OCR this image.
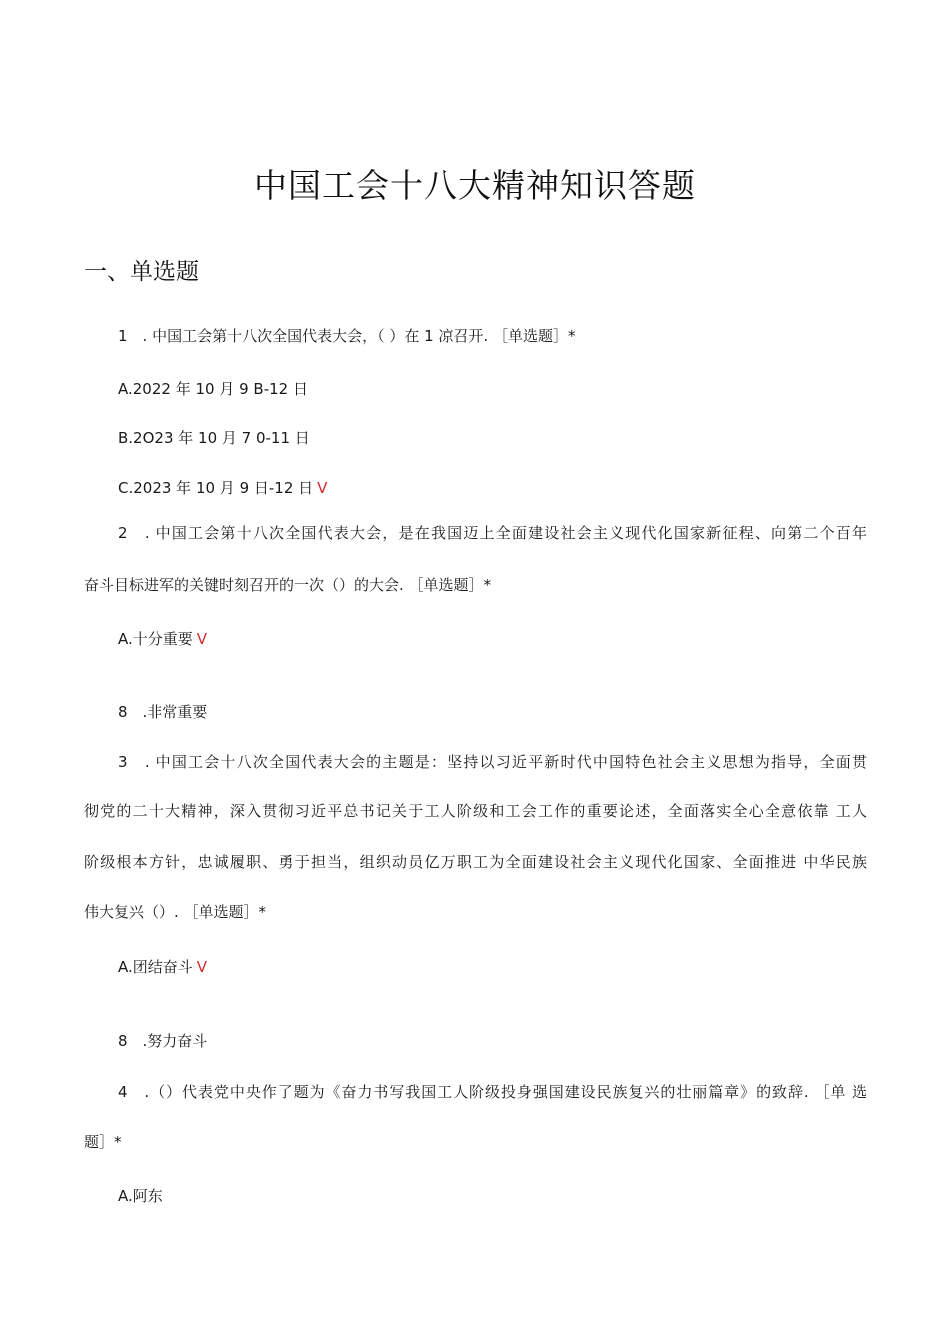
中国工会十八大精神知识答题
一、单选题
1　. 中国工会第十八次全国代表大会，（ ）在 1 凉召开. ［单选题］*
A.2022 年 10 月 9 B-12 日
B.2O23 年 10 月 7 0-11 日
C.2023 年 10 月 9 日-12 日 V
2　. 中国工会第十八次全国代表大会，是在我国迈上全面建设社会主义现代化国家新征程、向第二个百年
奋斗目标进军的关键时刻召开的一次（）的大会. ［单选题］*
A.十分重要 V
8　.非常重要
3　. 中国工会十八次全国代表大会的主题是：坚持以习近平新时代中国特色社会主义思想为指导，全面贯
彻党的二十大精神，深入贯彻习近平总书记关于工人阶级和工会工作的重要论述，全面落实全心全意依靠 工人
阶级根本方针，忠诚履职、勇于担当，组织动员亿万职工为全面建设社会主义现代化国家、全面推进 中华民族
伟大复兴（）. ［单选题］*
A.团结奋斗 V
8　.努力奋斗
4　.（）代表党中央作了题为《奋力书写我国工人阶级投身强国建设民族复兴的壮丽篇章》的致辞. ［单 选
题］*
A.阿东
